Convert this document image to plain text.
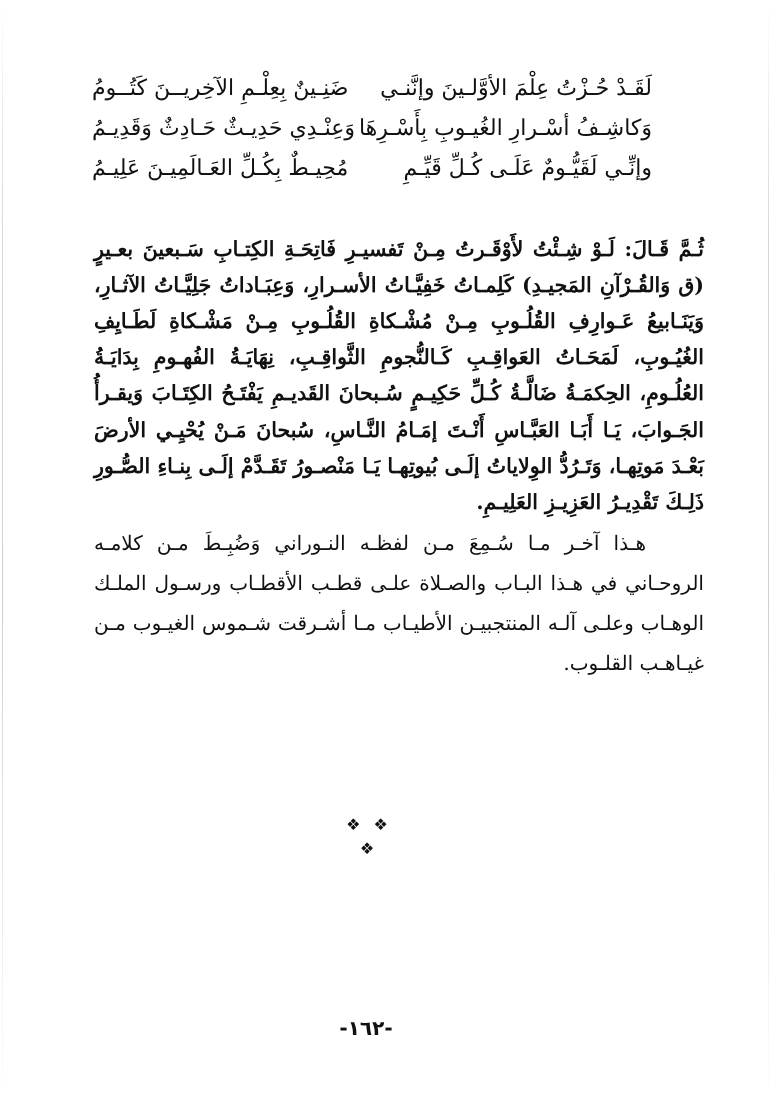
لَقَـدْ حُـزْتُ عِلْمَ الأوَّلـينَ وإنَّنـي
ضَنِـينٌ بِعِلْـمِ الآخِريــنَ كَتُــومُ
وَكاشِـفُ أسْـرارِ الغُيـوبِ بِأَسْـرِهَا
وَعِنْـدِي حَدِيـثٌ حَـادِثٌ وَقَدِيـمُ
وإنِّـي لَقَيُّـومٌ عَلَـى كُـلِّ قَيِّـمِ
مُحِيـطٌ بِكُـلِّ العَـالَمِيـنَ عَلِيـمُ

ثُـمَّ قَـالَ: لَـوْ شِـئْتُ لأَوْقَـرتُ مِـنْ تَفسيـرِ فَاتِحَـةِ الكِتـابِ سَـبعينَ بعـيرٍ (ق وَالقُـرْآنِ المَجيـدِ) كَلِمـاتُ خَفِيَّـاتُ الأسـرارِ، وَعِبَـاداتُ جَلِيَّـاتُ الآثـارِ، وَيَنَـابيعُ عَـوارِفِ القُلُـوبِ مِـنْ مُشْـكاةِ القُلُـوبِ مِـنْ مَشْـكاةِ لَطَـايِفِ الغُيُـوبِ، لَمَحَـاتُ العَواقِـبِ كَـالنُّجومِ الثَّواقِـبِ، نِهَايَـةُ الفُهـومِ بِدَايَـةُ العُلُـومِ، الحِكمَـةُ ضَالَّـةُ كُـلِّ حَكِيـمٍ سُـبحانَ القَديـمِ يَفْتَـحُ الكِتَـابَ وَيقـرأُ الجَـوابَ، يَـا أَبَـا العَبَّـاسِ أَنْـتَ إمَـامُ النَّـاسِ، سُبحانَ مَـنْ يُحْيِـي الأرضَ بَعْـدَ مَوتِهـا، وَتَـرُدُّ الوِلاياتُ إلَـى بُيوتِهـا يَـا مَنْصـورُ تَقَـدَّمْ إلَـى بِنـاءِ الصُّـورِ ذَلِـكَ تَقْدِيـرُ العَزِيـزِ العَلِيـمِ.

هـذا آخـر مـا سُـمِعَ مـن لفظـه النـوراني وَضُبِـطَ مـن كلامـه الروحـاني في هـذا البـاب والصـلاة علـى قطـب الأقطـاب ورسـول الملـك الوهـاب وعلـى آلـه المنتجبيـن الأطيـاب مـا أشـرقت شـموس الغيـوب مـن غيـاهـب القلـوب.

❖ ❖ ❖
-١٦٢-
